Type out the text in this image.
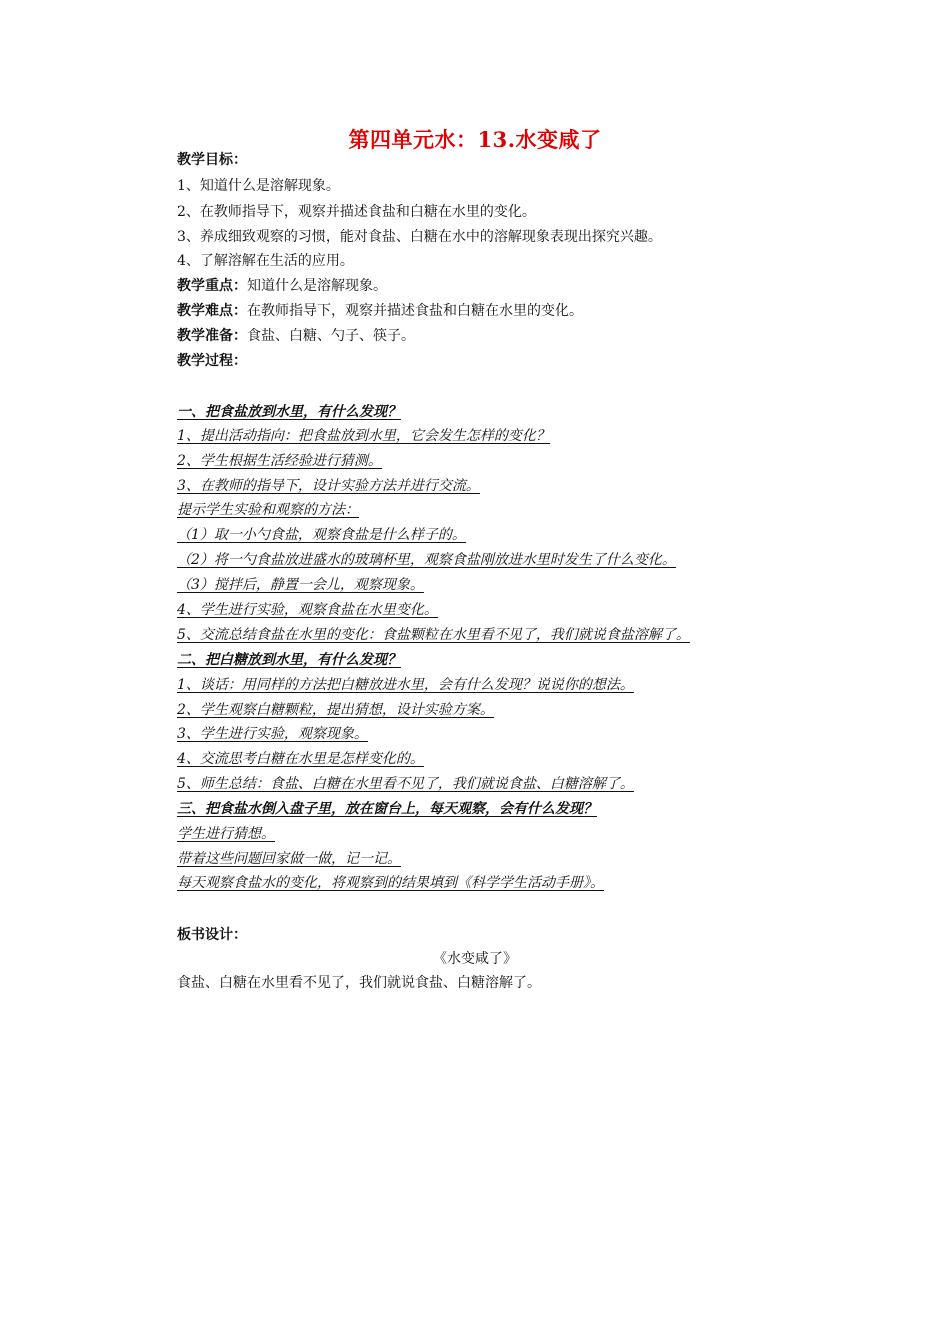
第四单元水：13.水变咸了
教学目标：
1、知道什么是溶解现象。
2、在教师指导下，观察并描述食盐和白糖在水里的变化。
3、养成细致观察的习惯，能对食盐、白糖在水中的溶解现象表现出探究兴趣。
4、了解溶解在生活的应用。
教学重点：知道什么是溶解现象。
教学难点：在教师指导下，观察并描述食盐和白糖在水里的变化。
教学准备：食盐、白糖、勺子、筷子。
教学过程：
一、把食盐放到水里，有什么发现？
1、提出活动指向：把食盐放到水里，它会发生怎样的变化？
2、学生根据生活经验进行猜测。
3、在教师的指导下，设计实验方法并进行交流。
提示学生实验和观察的方法：
（1）取一小勺食盐，观察食盐是什么样子的。
（2）将一勺食盐放进盛水的玻璃杯里，观察食盐刚放进水里时发生了什么变化。
（3）搅拌后，静置一会儿，观察现象。
4、学生进行实验，观察食盐在水里变化。
5、交流总结食盐在水里的变化：食盐颗粒在水里看不见了，我们就说食盐溶解了。
二、把白糖放到水里，有什么发现？
1、谈话：用同样的方法把白糖放进水里，会有什么发现？说说你的想法。
2、学生观察白糖颗粒，提出猜想，设计实验方案。
3、学生进行实验，观察现象。
4、交流思考白糖在水里是怎样变化的。
5、师生总结：食盐、白糖在水里看不见了，我们就说食盐、白糖溶解了。
三、把食盐水倒入盘子里，放在窗台上，每天观察，会有什么发现？
学生进行猜想。
带着这些问题回家做一做，记一记。
每天观察食盐水的变化，将观察到的结果填到《科学学生活动手册》。
板书设计：
《水变咸了》
食盐、白糖在水里看不见了，我们就说食盐、白糖溶解了。
